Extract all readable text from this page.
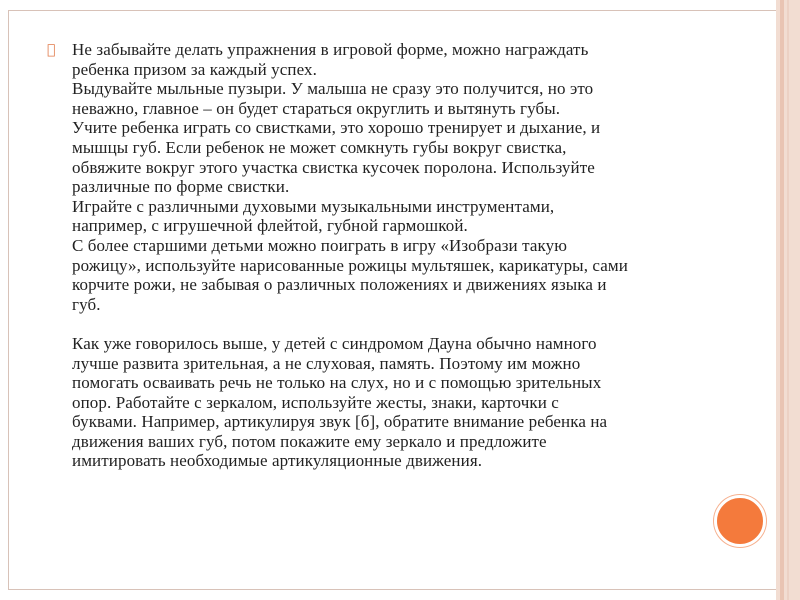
Не забывайте делать упражнения в игровой форме, можно награждать
ребенка призом за каждый успех.
Выдувайте мыльные пузыри. У малыша не сразу это получится, но это
неважно, главное – он будет стараться округлить и вытянуть губы.
Учите ребенка играть со свистками, это хорошо тренирует и дыхание, и
мышцы губ. Если ребенок не может сомкнуть губы вокруг свистка,
обвяжите вокруг этого участка свистка кусочек поролона. Используйте
различные по форме свистки.
Играйте с различными духовыми музыкальными инструментами,
например, с игрушечной флейтой, губной гармошкой.
С более старшими детьми можно поиграть в игру «Изобрази такую
рожицу», используйте нарисованные рожицы мультяшек, карикатуры, сами
корчите рожи, не забывая о различных положениях и движениях языка и
губ.
Как уже говорилось выше, у детей с синдромом Дауна обычно намного
лучше развита зрительная, а не слуховая, память. Поэтому им можно
помогать осваивать речь не только на слух, но и с помощью зрительных
опор. Работайте с зеркалом, используйте жесты, знаки, карточки с
буквами. Например, артикулируя звук [б], обратите внимание ребенка на
движения ваших губ, потом покажите ему зеркало и предложите
имитировать необходимые артикуляционные движения.
